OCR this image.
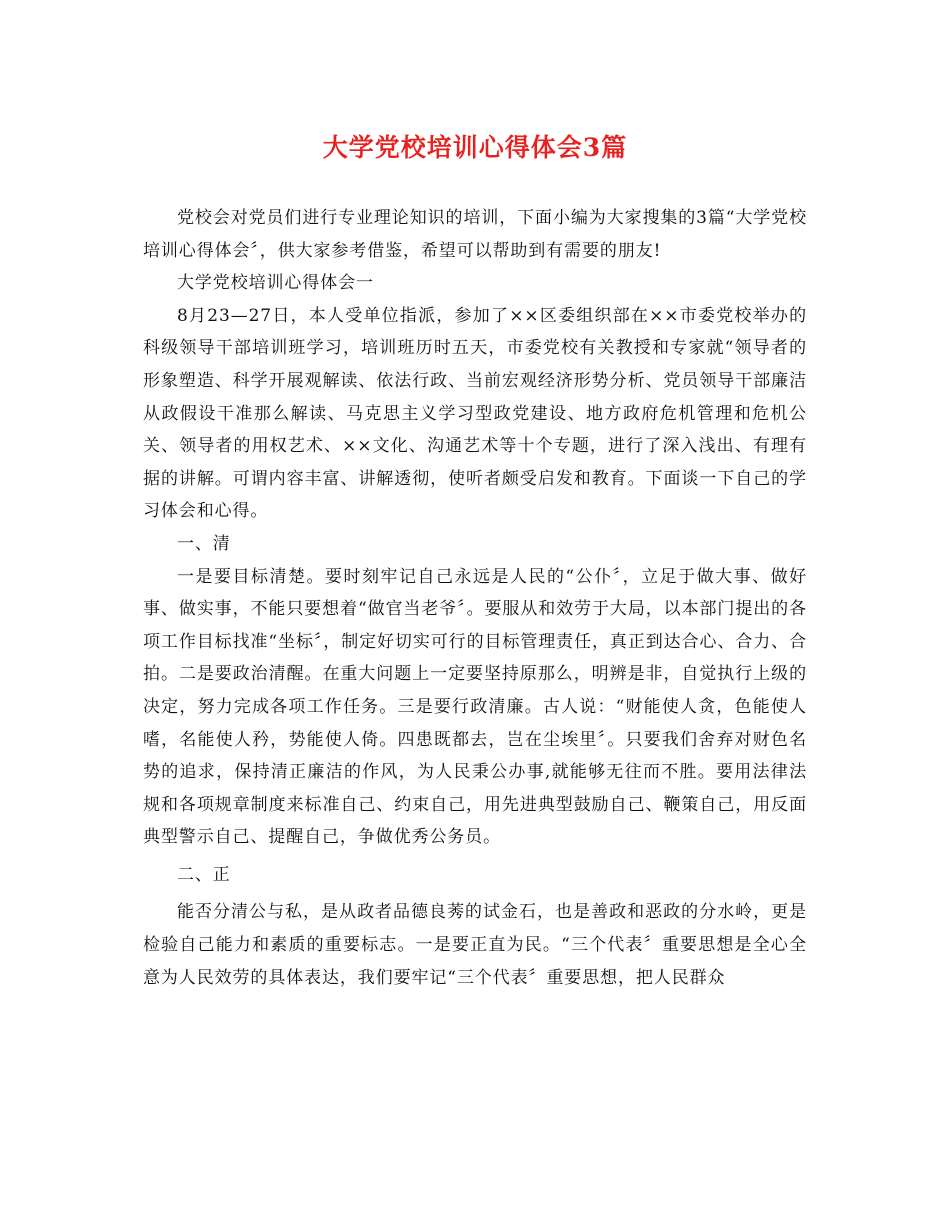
大学党校培训心得体会3篇

党校会对党员们进行专业理论知识的培训，下面小编为大家搜集的3篇“大学党校培训心得体会〞，供大家参考借鉴，希望可以帮助到有需要的朋友!

大学党校培训心得体会一

8月23—27日，本人受单位指派，参加了××区委组织部在××市委党校举办的科级领导干部培训班学习，培训班历时五天，市委党校有关教授和专家就“领导者的形象塑造、科学开展观解读、依法行政、当前宏观经济形势分析、党员领导干部廉洁从政假设干准那么解读、马克思主义学习型政党建设、地方政府危机管理和危机公关、领导者的用权艺术、××文化、沟通艺术等十个专题，进行了深入浅出、有理有据的讲解。可谓内容丰富、讲解透彻，使听者颇受启发和教育。下面谈一下自己的学习体会和心得。

一、清

一是要目标清楚。要时刻牢记自己永远是人民的“公仆〞，立足于做大事、做好事、做实事，不能只要想着“做官当老爷〞。要服从和效劳于大局，以本部门提出的各项工作目标找准“坐标〞，制定好切实可行的目标管理责任，真正到达合心、合力、合拍。二是要政治清醒。在重大问题上一定要坚持原那么，明辨是非，自觉执行上级的决定，努力完成各项工作任务。三是要行政清廉。古人说：“财能使人贪，色能使人嗜，名能使人矜，势能使人倚。四患既都去，岂在尘埃里〞。只要我们舍弃对财色名势的追求，保持清正廉洁的作风，为人民秉公办事,就能够无往而不胜。要用法律法规和各项规章制度来标准自己、约束自己，用先进典型鼓励自己、鞭策自己，用反面典型警示自己、提醒自己，争做优秀公务员。

二、正

能否分清公与私，是从政者品德良莠的试金石，也是善政和恶政的分水岭，更是检验自己能力和素质的重要标志。一是要正直为民。“三个代表〞重要思想是全心全意为人民效劳的具体表达，我们要牢记“三个代表〞重要思想，把人民群众
